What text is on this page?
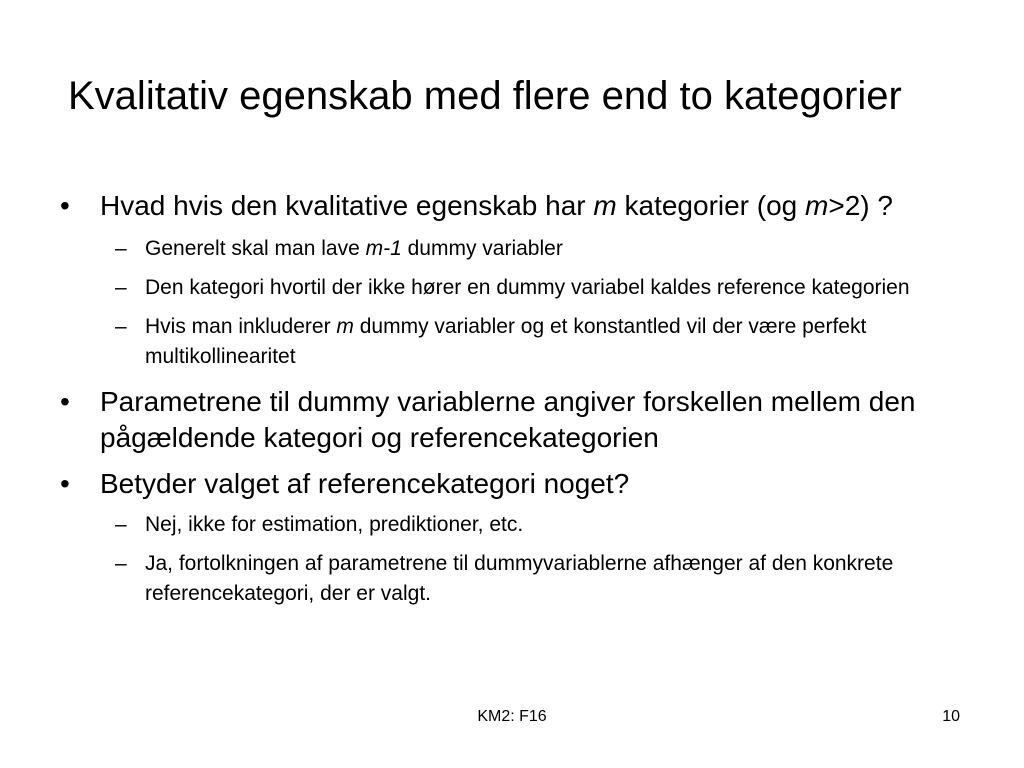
Kvalitativ egenskab med flere end to kategorier
•	Hvad hvis den kvalitative egenskab har m kategorier (og m>2) ?
– Generelt skal man lave m-1 dummy variabler
– Den kategori hvortil der ikke hører en dummy variabel kaldes reference kategorien
– Hvis man inkluderer m dummy variabler og et konstantled vil der være perfekt multikollinearitet
•	Parametrene til dummy variablerne angiver forskellen mellem den pågældende kategori og referencekategorien
•	Betyder valget af referencekategori noget?
– Nej, ikke for estimation, prediktioner, etc.
– Ja, fortolkningen af parametrene til dummyvariablerne afhænger af den konkrete referencekategori, der er valgt.
KM2: F16	10
